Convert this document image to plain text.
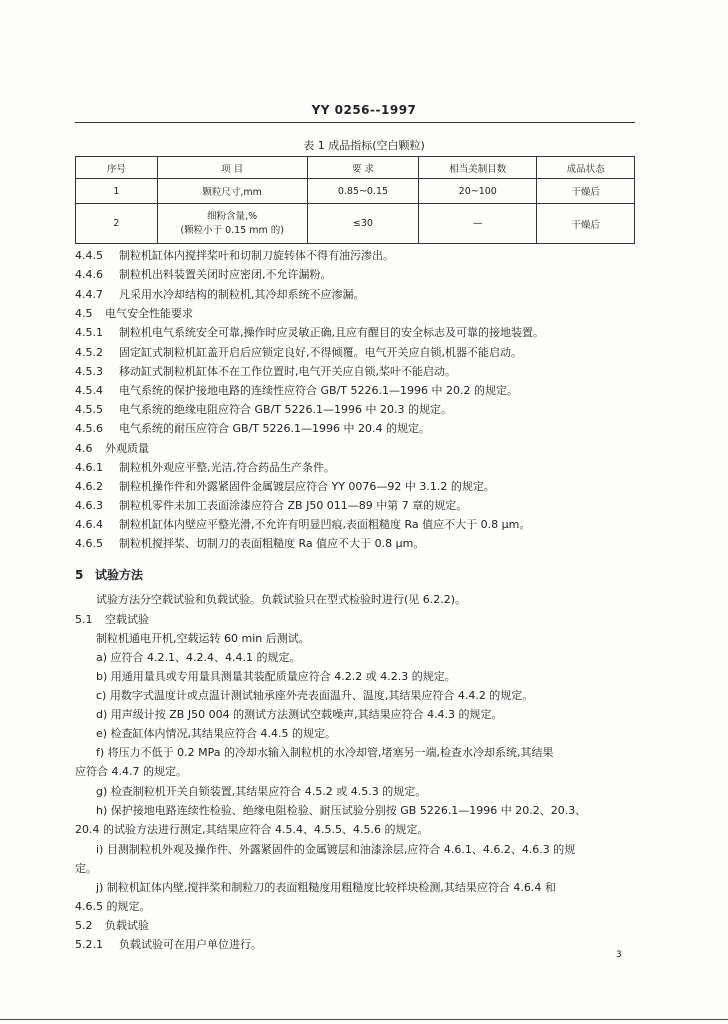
YY 0256--1997
表 1 成品指标(空白颗粒)
序号	项 目	要 求	相当美制目数	成品状态
1	颗粒尺寸,mm	0.85~0.15	20~100	干燥后
2	细粉含量,%
(颗粒小于 0.15 mm 的)	≤30	—	干燥后
4.4.5 制粒机缸体内搅拌桨叶和切制刀旋转体不得有油污渗出。
4.4.6 制粒机出料装置关闭时应密闭,不允许漏粉。
4.4.7 凡采用水冷却结构的制粒机,其冷却系统不应渗漏。
4.5 电气安全性能要求
4.5.1 制粒机电气系统安全可靠,操作时应灵敏正确,且应有醒目的安全标志及可靠的接地装置。
4.5.2 固定缸式制粒机缸盖开启后应锁定良好,不得倾覆。电气开关应自锁,机器不能启动。
4.5.3 移动缸式制粒机缸体不在工作位置时,电气开关应自锁,桨叶不能启动。
4.5.4 电气系统的保护接地电路的连续性应符合 GB/T 5226.1—1996 中 20.2 的规定。
4.5.5 电气系统的绝缘电阻应符合 GB/T 5226.1—1996 中 20.3 的规定。
4.5.6 电气系统的耐压应符合 GB/T 5226.1—1996 中 20.4 的规定。
4.6 外观质量
4.6.1 制粒机外观应平整,光洁,符合药品生产条件。
4.6.2 制粒机操作件和外露紧固件金属镀层应符合 YY 0076—92 中 3.1.2 的规定。
4.6.3 制粒机零件未加工表面涂漆应符合 ZB J50 011—89 中第 7 章的规定。
4.6.4 制粒机缸体内壁应平整光滑,不允许有明显凹痕,表面粗糙度 Ra 值应不大于 0.8 μm。
4.6.5 制粒机搅拌桨、切制刀的表面粗糙度 Ra 值应不大于 0.8 μm。
5 试验方法
试验方法分空载试验和负载试验。负载试验只在型式检验时进行(见 6.2.2)。
5.1 空载试验
制粒机通电开机,空载运转 60 min 后测试。
a) 应符合 4.2.1、4.2.4、4.4.1 的规定。
b) 用通用量具或专用量具测量其装配质量应符合 4.2.2 或 4.2.3 的规定。
c) 用数字式温度计或点温计测试轴承座外壳表面温升、温度,其结果应符合 4.4.2 的规定。
d) 用声级计按 ZB J50 004 的测试方法测试空载噪声,其结果应符合 4.4.3 的规定。
e) 检查缸体内情况,其结果应符合 4.4.5 的规定。
f) 将压力不低于 0.2 MPa 的冷却水输入制粒机的水冷却管,堵塞另一端,检查水冷却系统,其结果
应符合 4.4.7 的规定。
g) 检查制粒机开关自锁装置,其结果应符合 4.5.2 或 4.5.3 的规定。
h) 保护接地电路连续性检验、绝缘电阻检验、耐压试验分别按 GB 5226.1—1996 中 20.2、20.3、
20.4 的试验方法进行测定,其结果应符合 4.5.4、4.5.5、4.5.6 的规定。
i) 目测制粒机外观及操作件、外露紧固件的金属镀层和油漆涂层,应符合 4.6.1、4.6.2、4.6.3 的规
定。
j) 制粒机缸体内壁,搅拌桨和制粒刀的表面粗糙度用粗糙度比较样块检测,其结果应符合 4.6.4 和
4.6.5 的规定。
5.2 负载试验
5.2.1 负载试验可在用户单位进行。
3
